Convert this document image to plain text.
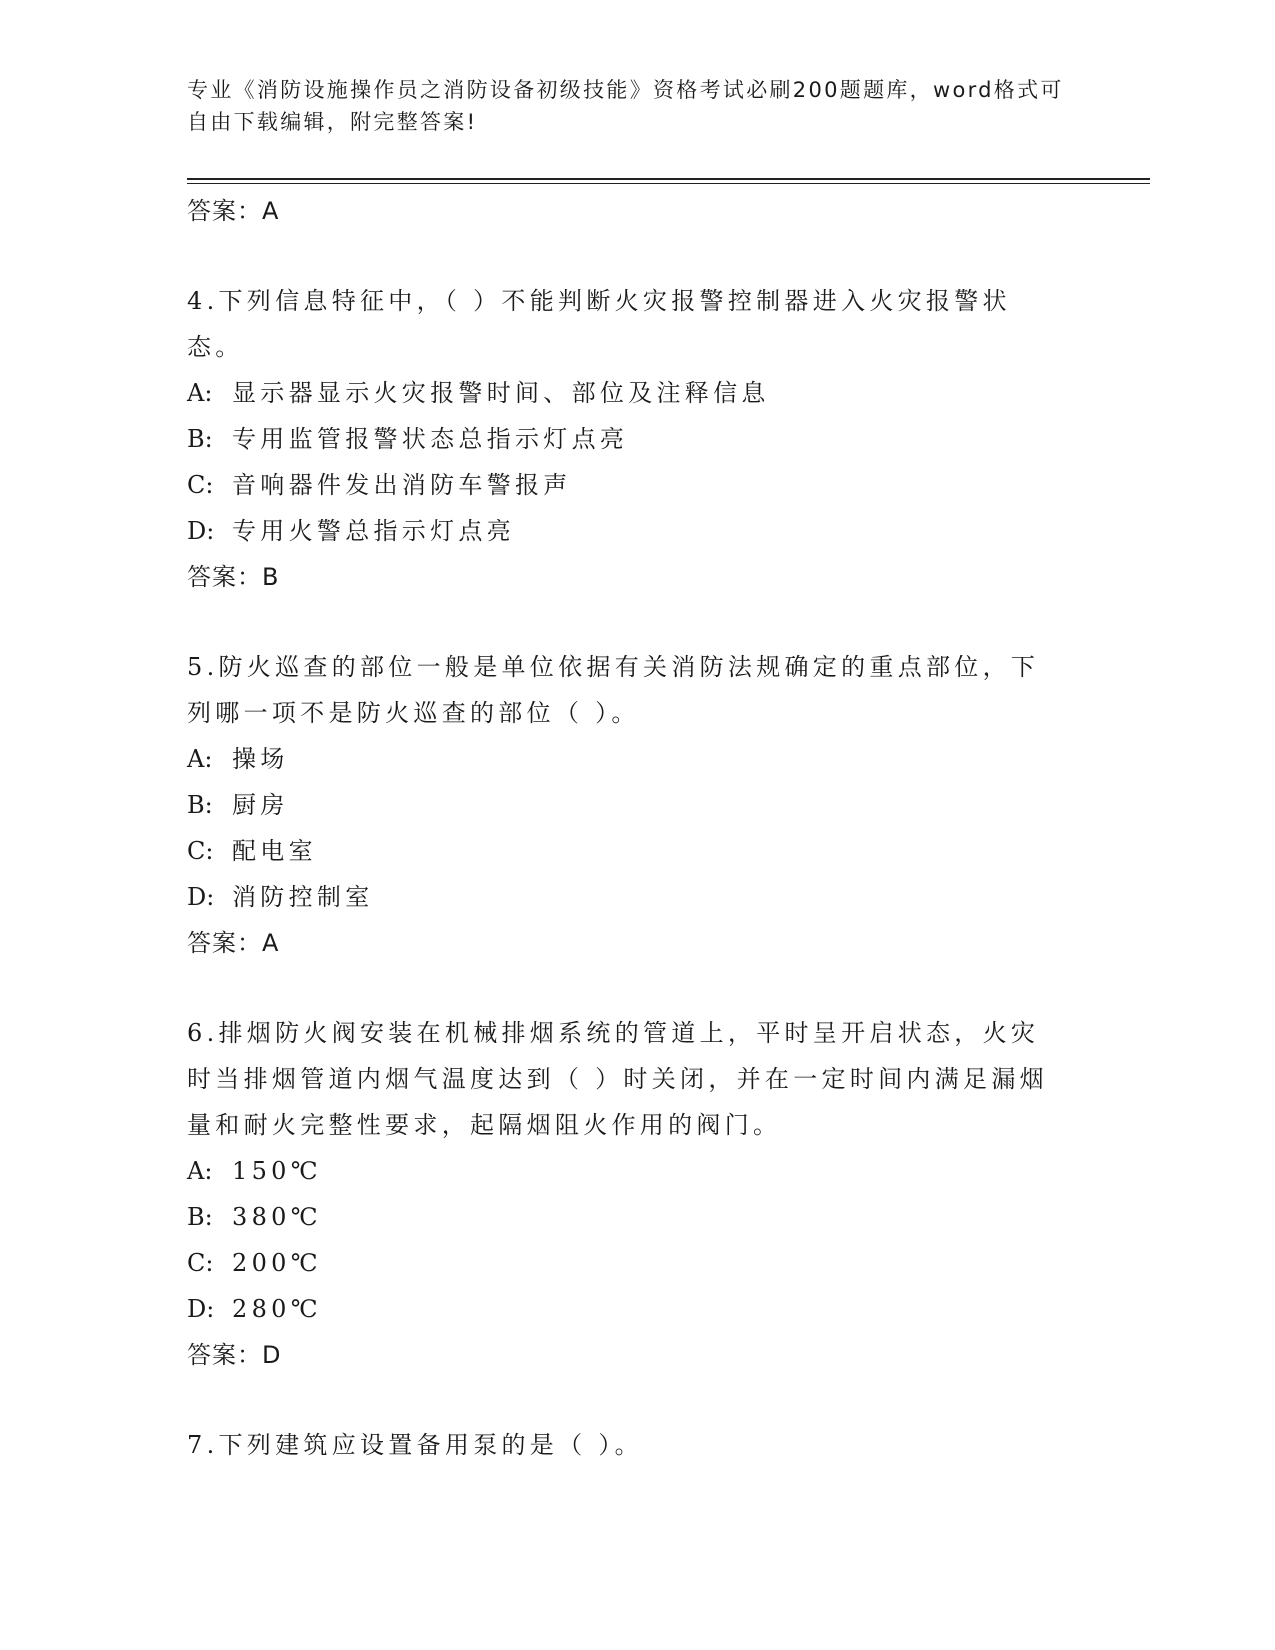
专业《消防设施操作员之消防设备初级技能》资格考试必刷200题题库，word格式可自由下载编辑，附完整答案!
答案：A
4.下列信息特征中，（ ）不能判断火灾报警控制器进入火灾报警状态。
A: 显示器显示火灾报警时间、部位及注释信息
B: 专用监管报警状态总指示灯点亮
C: 音响器件发出消防车警报声
D: 专用火警总指示灯点亮
答案：B
5.防火巡查的部位一般是单位依据有关消防法规确定的重点部位，下列哪一项不是防火巡查的部位（ ）。
A: 操场
B: 厨房
C: 配电室
D: 消防控制室
答案：A
6.排烟防火阀安装在机械排烟系统的管道上，平时呈开启状态，火灾时当排烟管道内烟气温度达到（ ）时关闭，并在一定时间内满足漏烟量和耐火完整性要求，起隔烟阻火作用的阀门。
A: 150℃
B: 380℃
C: 200℃
D: 280℃
答案：D
7.下列建筑应设置备用泵的是（ ）。
